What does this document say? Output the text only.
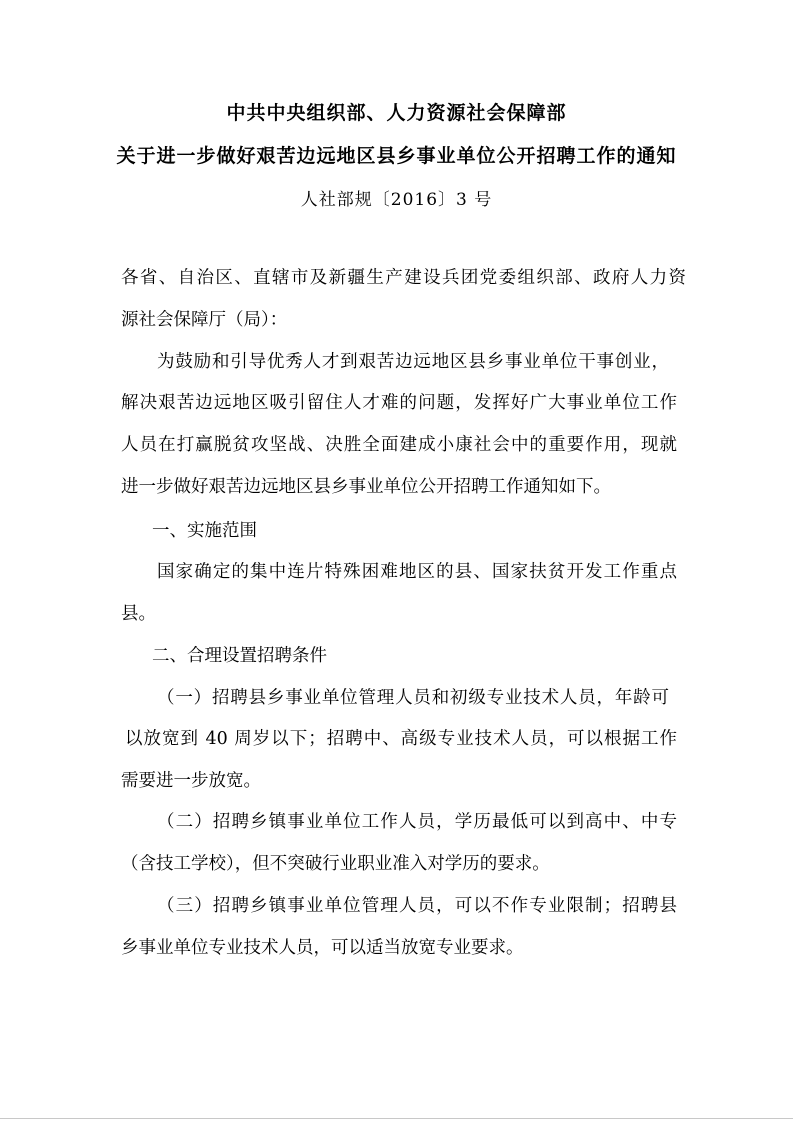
中共中央组织部、人力资源社会保障部
关于进一步做好艰苦边远地区县乡事业单位公开招聘工作的通知
人社部规〔2016〕3 号
各省、自治区、直辖市及新疆生产建设兵团党委组织部、政府人力资
源社会保障厅（局）：
为鼓励和引导优秀人才到艰苦边远地区县乡事业单位干事创业，
解决艰苦边远地区吸引留住人才难的问题，发挥好广大事业单位工作
人员在打赢脱贫攻坚战、决胜全面建成小康社会中的重要作用，现就
进一步做好艰苦边远地区县乡事业单位公开招聘工作通知如下。
一、实施范围
国家确定的集中连片特殊困难地区的县、国家扶贫开发工作重点
县。
二、合理设置招聘条件
（一）招聘县乡事业单位管理人员和初级专业技术人员，年龄可
以放宽到 40 周岁以下；招聘中、高级专业技术人员，可以根据工作
需要进一步放宽。
（二）招聘乡镇事业单位工作人员，学历最低可以到高中、中专
（含技工学校），但不突破行业职业准入对学历的要求。
（三）招聘乡镇事业单位管理人员，可以不作专业限制；招聘县
乡事业单位专业技术人员，可以适当放宽专业要求。
